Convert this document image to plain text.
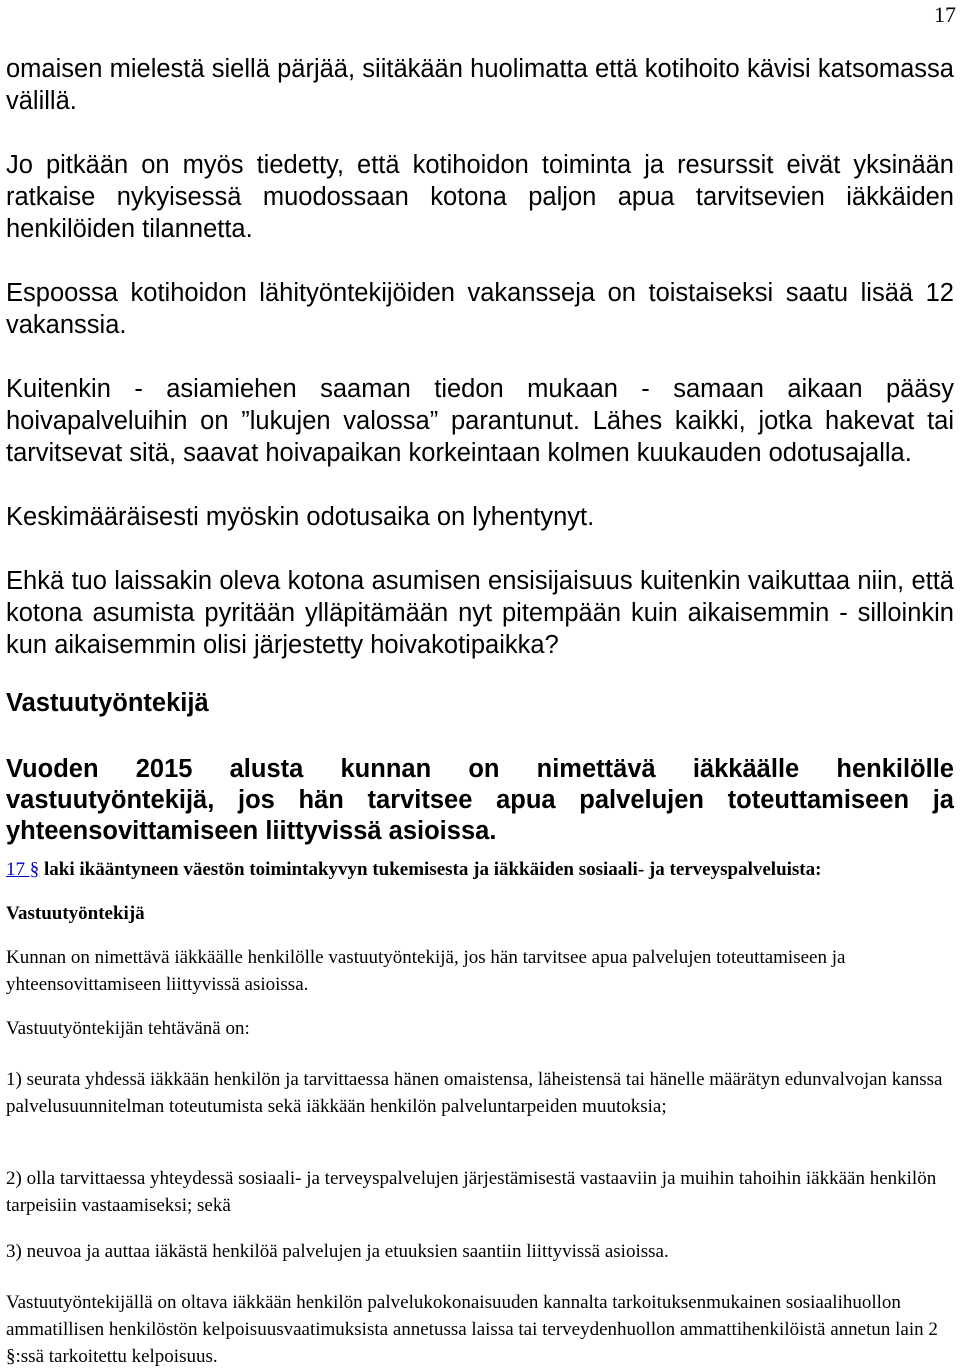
17

omaisen mielestä siellä pärjää, siitäkään huolimatta että kotihoito kävisi katsomassa välillä.

Jo pitkään on myös tiedetty, että kotihoidon toiminta ja resurssit eivät yksinään ratkaise nykyisessä muodossaan kotona paljon apua tarvitsevien iäkkäiden henkilöiden tilannetta.

Espoossa kotihoidon lähityöntekijöiden vakansseja on toistaiseksi saatu lisää 12 vakanssia.

Kuitenkin - asiamiehen saaman tiedon mukaan - samaan aikaan pääsy hoivapalveluihin on ”lukujen valossa” parantunut. Lähes kaikki, jotka hakevat tai tarvitsevat sitä, saavat hoivapaikan korkeintaan kolmen kuukauden odotusajalla.

Keskimääräisesti myöskin odotusaika on lyhentynyt.

Ehkä tuo laissakin oleva kotona asumisen ensisijaisuus kuitenkin vaikuttaa niin, että kotona asumista pyritään ylläpitämään nyt pitempään kuin aikaisemmin - silloinkin kun aikaisemmin olisi järjestetty hoivakotipaikka?

Vastuutyöntekijä

Vuoden 2015 alusta kunnan on nimettävä iäkkäälle henkilölle vastuutyöntekijä, jos hän tarvitsee apua palvelujen toteuttamiseen ja yhteensovittamiseen liittyvissä asioissa.

17 § laki ikääntyneen väestön toimintakyvyn tukemisesta ja iäkkäiden sosiaali- ja terveyspalveluista:

Vastuutyöntekijä

Kunnan on nimettävä iäkkäälle henkilölle vastuutyöntekijä, jos hän tarvitsee apua palvelujen toteuttamiseen ja yhteensovittamiseen liittyvissä asioissa.

Vastuutyöntekijän tehtävänä on:

1) seurata yhdessä iäkkään henkilön ja tarvittaessa hänen omaistensa, läheistensä tai hänelle määrätyn edunvalvojan kanssa palvelusuunnitelman toteutumista sekä iäkkään henkilön palveluntarpeiden muutoksia;

2) olla tarvittaessa yhteydessä sosiaali- ja terveyspalvelujen järjestämisestä vastaaviin ja muihin tahoihin iäkkään henkilön tarpeisiin vastaamiseksi; sekä

3) neuvoa ja auttaa iäkästä henkilöä palvelujen ja etuuksien saantiin liittyvissä asioissa.

Vastuutyöntekijällä on oltava iäkkään henkilön palvelukokonaisuuden kannalta tarkoituksenmukainen sosiaalihuollon ammatillisen henkilöstön kelpoisuusvaatimuksista annetussa laissa tai terveydenhuollon ammattihenkilöistä annetun lain 2 §:ssä tarkoitettu kelpoisuus.
